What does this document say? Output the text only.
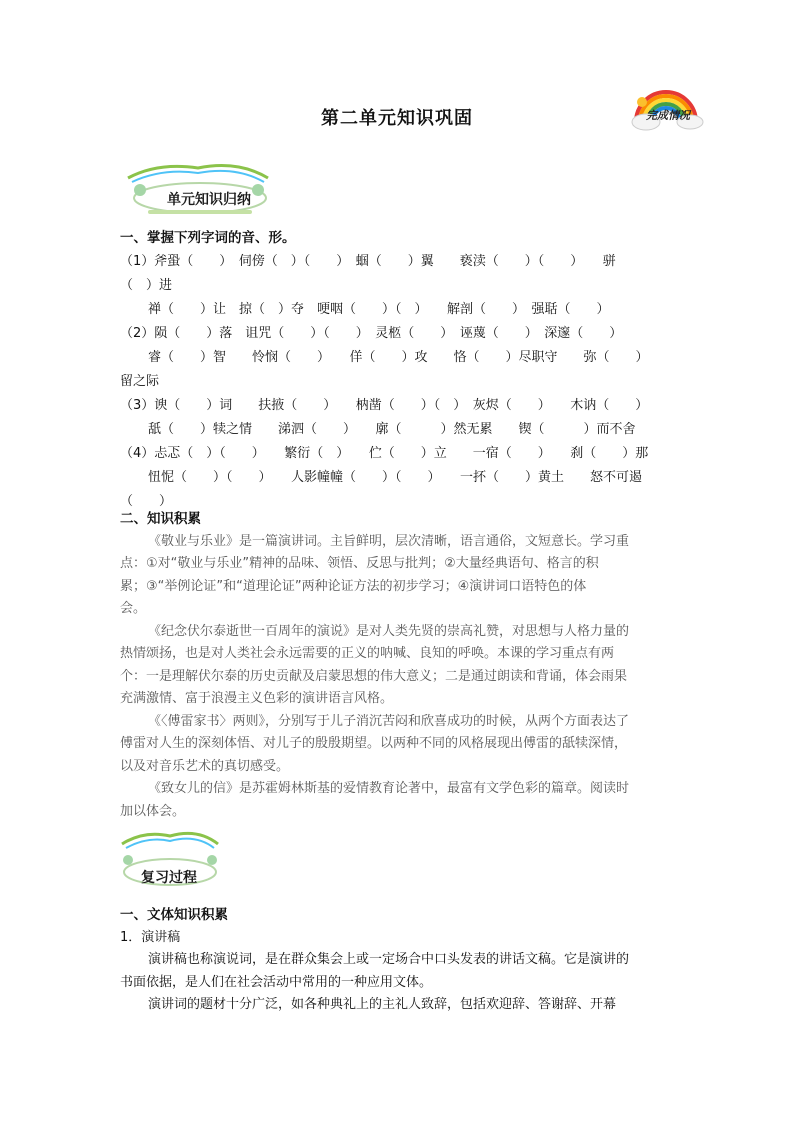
第二单元知识巩固	完成情况
单元知识归纳
一、掌握下列字词的音、形。
（1）斧蛩（　　）　伺傍（　）（　　）　蝈（　　）翼　　亵渎（　　）（　　）　　骈
（　）进
禅（　　）让　掠（　）夺　哽咽（　　）（　）　　解剖（　　）　强聒（　　）
（2）陨（　　）落　诅咒（　　）（　　）　灵柩（　　）　诬蔑（　　）　深邃（　　）
睿（　　）智　　怜悯（　　）　　佯（　　）攻　　恪（　　）尽职守　　弥（　　）
留之际
（3）谀（　　）词　　扶掖（　　）　　枘凿（　　）（　）　灰烬（　　）　　木讷（　　）
舐（　　）犊之情　　涕泗（　　）　　廓（　　　）然无累　　锲（　　　）而不舍
（4）忐忑（　）（　　）　　繁衍（　）　　伫（　　）立　　一宿（　　）　　刹（　　）那
忸怩（　　）（　　）　　人影幢幢（　　）（　　）　　一抔（　　）黄土　　怒不可遏
（　　）
二、知识积累
《敬业与乐业》是一篇演讲词。主旨鲜明，层次清晰，语言通俗，文短意长。学习重
点：①对“敬业与乐业”精神的品味、领悟、反思与批判；②大量经典语句、格言的积
累；③“举例论证”和“道理论证”两种论证方法的初步学习；④演讲词口语特色的体
会。
《纪念伏尔泰逝世一百周年的演说》是对人类先贤的崇高礼赞，对思想与人格力量的
热情颂扬，也是对人类社会永远需要的正义的呐喊、良知的呼唤。本课的学习重点有两
个：一是理解伏尔泰的历史贡献及启蒙思想的伟大意义；二是通过朗读和背诵，体会雨果
充满激情、富于浪漫主义色彩的演讲语言风格。
《〈傅雷家书〉两则》，分别写于儿子消沉苦闷和欣喜成功的时候，从两个方面表达了
傅雷对人生的深刻体悟、对儿子的殷殷期望。以两种不同的风格展现出傅雷的舐犊深情，
以及对音乐艺术的真切感受。
《致女儿的信》是苏霍姆林斯基的爱情教育论著中，最富有文学色彩的篇章。阅读时
加以体会。
复习过程
一、文体知识积累
1．演讲稿
演讲稿也称演说词，是在群众集会上或一定场合中口头发表的讲话文稿。它是演讲的
书面依据，是人们在社会活动中常用的一种应用文体。
演讲词的题材十分广泛，如各种典礼上的主礼人致辞，包括欢迎辞、答谢辞、开幕
